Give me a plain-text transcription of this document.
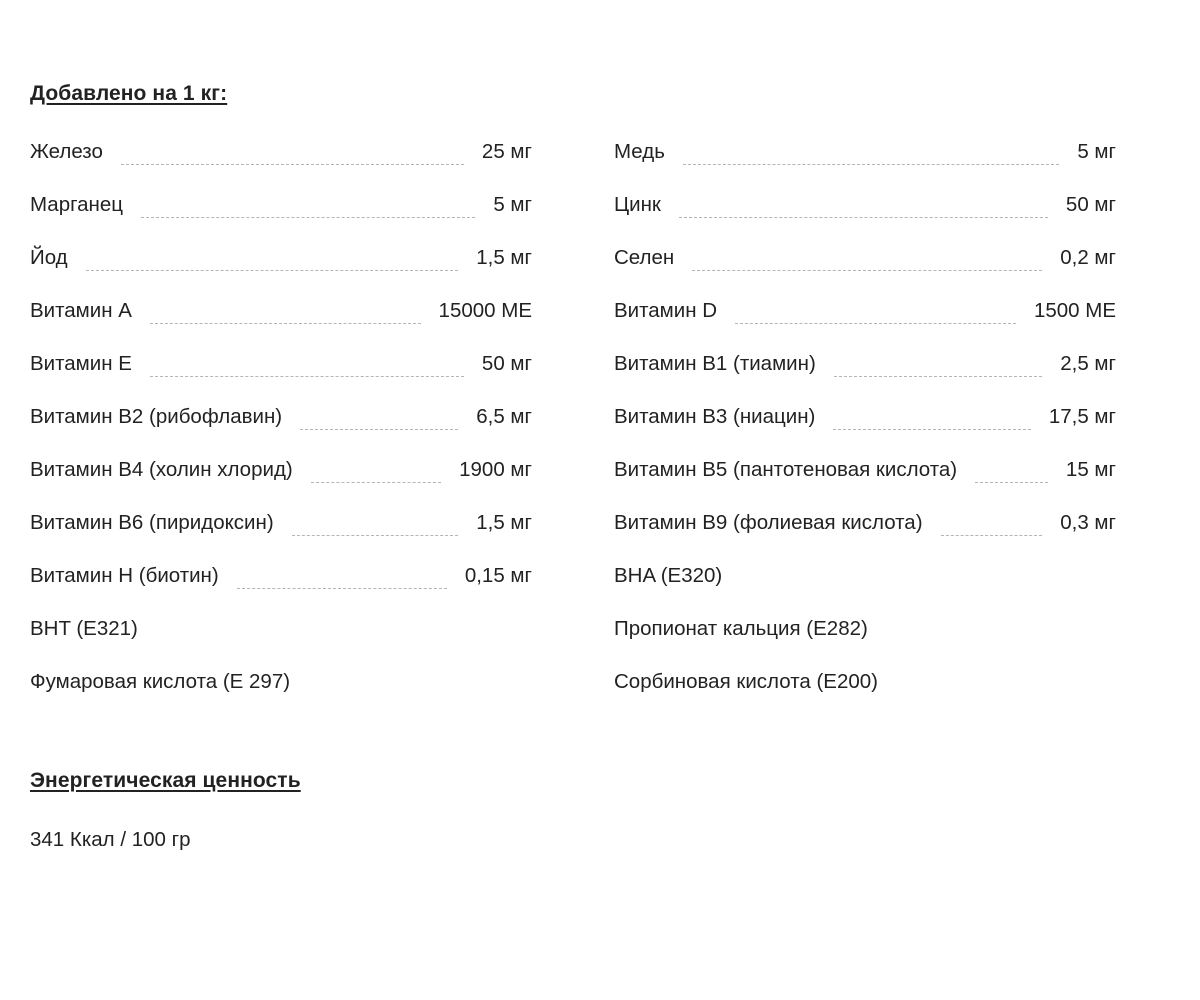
Добавлено на 1 кг:
Железо	25 мг	Медь	5 мг
Марганец	5 мг	Цинк	50 мг
Йод	1,5 мг	Селен	0,2 мг
Витамин А	15000 МЕ	Витамин D	1500 МЕ
Витамин Е	50 мг	Витамин В1 (тиамин)	2,5 мг
Витамин В2 (рибофлавин)	6,5 мг	Витамин В3 (ниацин)	17,5 мг
Витамин В4 (холин хлорид)	1900 мг	Витамин В5 (пантотеновая кислота)	15 мг
Витамин В6 (пиридоксин)	1,5 мг	Витамин В9 (фолиевая кислота)	0,3 мг
Витамин Н (биотин)	0,15 мг	BHA (E320)
BHT (E321)	Пропионат кальция (Е282)
Фумаровая кислота (Е 297)	Сорбиновая кислота (Е200)
Энергетическая ценность

341 Ккал / 100 гр
